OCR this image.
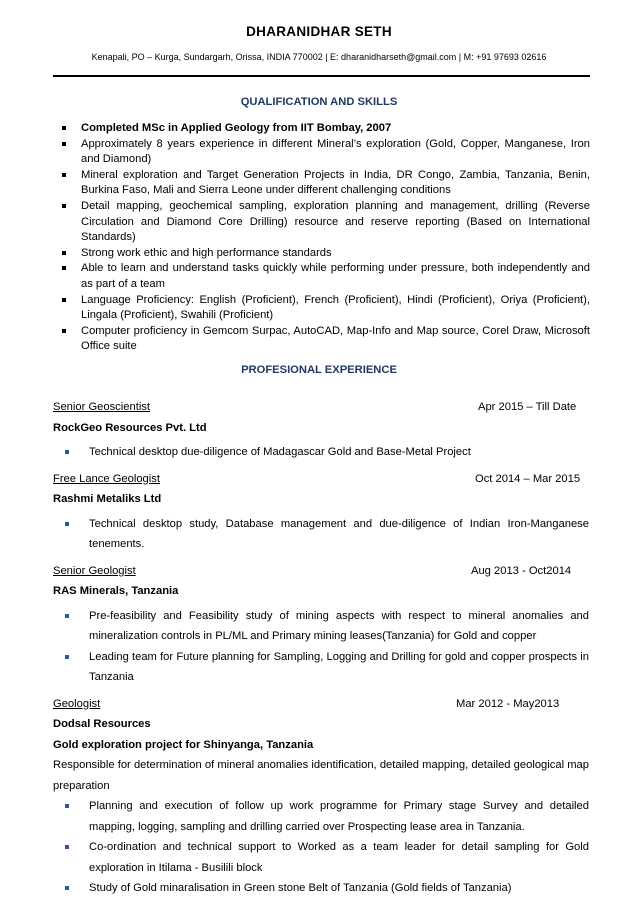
DHARANIDHAR SETH
Kenapali, PO – Kurga, Sundargarh, Orissa, INDIA 770002 | E: dharanidharseth@gmail.com | M: +91 97693 02616
QUALIFICATION AND SKILLS
Completed MSc in Applied Geology from IIT Bombay, 2007
Approximately 8 years experience in different Mineral’s exploration (Gold, Copper, Manganese, Iron and Diamond)
Mineral exploration and Target Generation Projects in India, DR Congo, Zambia, Tanzania, Benin, Burkina Faso, Mali and Sierra Leone under different challenging conditions
Detail mapping, geochemical sampling, exploration planning and management, drilling (Reverse Circulation and Diamond Core Drilling) resource and reserve reporting (Based on International Standards)
Strong work ethic and high performance standards
Able to learn and understand tasks quickly while performing under pressure, both independently and as part of a team
Language Proficiency: English (Proficient), French (Proficient), Hindi (Proficient), Oriya (Proficient), Lingala (Proficient), Swahili (Proficient)
Computer proficiency in Gemcom Surpac, AutoCAD, Map-Info and Map source, Corel Draw, Microsoft Office suite
PROFESIONAL EXPERIENCE
Senior Geoscientist	Apr 2015 – Till Date
RockGeo Resources Pvt. Ltd
Technical desktop due-diligence of Madagascar Gold and Base-Metal Project
Free Lance Geologist	Oct 2014 – Mar 2015
Rashmi Metaliks Ltd
Technical desktop study, Database management and due-diligence of Indian Iron-Manganese tenements.
Senior Geologist	Aug 2013 - Oct2014
RAS Minerals, Tanzania
Pre-feasibility and Feasibility study of mining aspects with respect to mineral anomalies and mineralization controls in PL/ML and Primary mining leases(Tanzania) for Gold and copper
Leading team for Future planning for Sampling, Logging and Drilling for gold and copper prospects in Tanzania
Geologist	Mar 2012 - May2013
Dodsal Resources
Gold exploration project for Shinyanga, Tanzania
Responsible for determination of mineral anomalies identification, detailed mapping, detailed geological map preparation
Planning and execution of follow up work programme for Primary stage Survey and detailed mapping, logging, sampling and drilling carried over Prospecting lease area in Tanzania.
Co-ordination and technical support to Worked as a team leader for detail sampling for Gold exploration in Itilama - Busilili block
Study of Gold minaralisation in Green stone Belt of Tanzania (Gold fields of Tanzania)
